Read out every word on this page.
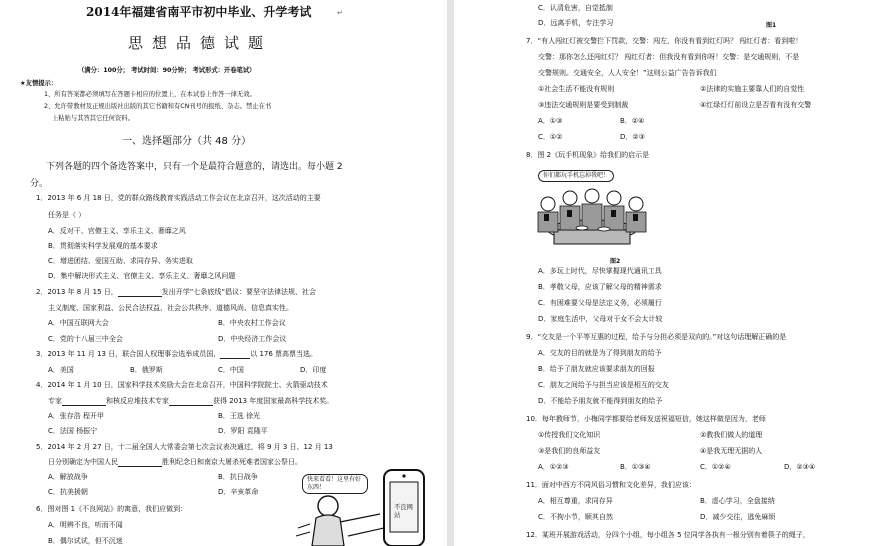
2014年福建省南平市初中毕业、升学考试	↵
思想品德试题
（满分：100分； 考试时间：90分钟； 考试形式：开卷笔试）
★友情提示：
1、所有答案都必须填写在答题卡相应的位置上，在本试卷上作答一律无效。
2、允许带教材及正规出版社出版的其它书籍和有CN刊号的报纸、杂志。禁止在书
上粘贴与其答其它任何资料。
一、选择题部分（共 48 分）
下列各题的四个备选答案中，只有一个是最符合题意的，请选出。每小题 2
分。
1．2013 年 6 月 18 日，党的群众路线教育实践活动工作会议在北京召开，这次活动的主要
任务是（ ）
A．反对干、官僚主义、享乐主义、奢靡之风
B．贯彻落实科学发展观的基本要求
C．增进团结、爱国互助、求同存异、务实进取
D．集中解决形式主义、官僚主义、享乐主义、奢靡之风问题
2．2013 年 8 月 15 日，	发出开学“七条底线”倡议：要坚守法律法规、社会
主义制度、国家利益、公民合法权益、社会公共秩序、道德风尚、信息真实性。
A．中国互联网大会	B．中央农村工作会议
C．党的十八届三中全会	D．中央经济工作会议
3．2013 年 11 月 13 日，联合国人权理事会选举成员国，	以 176 票高票当选。
A．美国	B．俄罗斯	C．中国	D．印度
4．2014 年 1 月 10 日，国家科学技术奖励大会在北京召开，中国科学院院士、火箭驱动技术
专家	和核反应堆技术专家	获得 2013 年度国家最高科学技术奖。
A．张存浩 程开甲	B．王选 徐光
C．法国 杨振宁	D．罗阳 袁隆平
5．2014 年 2 月 27 日，十二届全国人大常委会第七次会议表决通过，将 9 月 3 日、12 月 13
日分别确定为中国人民	胜利纪念日和南京大屠杀死难者国家公祭日。
A．解放战争	B．抗日战争
C．抗美援朝	D．辛亥革命
6．图对图 1《不良网站》的寓意，我们应做到：
A．明辨不良，听而不闻
B．偶尔试试，但不沉迷
快来看看！这里有好东西！
不良网站
C．认清危害，自觉抵制
D．远离手机，专注学习	图1
7．“有人闯红灯被交警拦下罚款，交警：闯左，你没有看到红灯吗？ 闯红灯者：看到啦！
交警：那你怎么还闯红灯？ 闯红灯者：但我没有看到你呀！交警：是交通规则，不是
交警规则。交通安全，人人安全！”这则公益广告告诉我们
①社会生活不能没有规则	②法律的实施主要靠人们的自觉性
③违法交通规则是要受到制裁	④红绿灯灯前设立是否看有没有交警
A．①③	B．②④
C．①②	D．②③
8．图 2《玩手机现象》给我们的启示是
你们都玩手机忘掉我吧！
图2
A．多玩上时代，尽快掌握现代通讯工具
B．孝敬父母，应该了解父母的精神需求
C．有困难要父母是法定义务，必须履行
D．家庭生活中，父母对于女不会太计较
9．“交友是一个平等互惠的过程，给予与分担必须是双向的。”对这句话理解正确的是
A．交友的目的就是为了得到朋友的给予
B．给予了朋友就应该要求朋友的回报
C．朋友之间给予与担当应该是相互的交友
D．不能给予朋友就不能得到朋友的给予
10．每年教师节，小梅同学都要给老师发送祝福短信，她这样做是因为，老师
①传授我们文化知识	②教我们做人的道理
③是我们的良师益友	④是我无理无据的人
A．①②③	B．①③④	C．①②④	D．②③④
11．面对中西方不同风俗习惯和文化差异，我们应该：
A．相互尊重，求同存异	B．虚心学习，全盘接纳
C．不拘小节，顺其自然	D．减少交往，逃免麻烦
12．某班开展游戏活动，分四个小组，每小组各 5 位同学各执有一根分别有着筷子的绳子，
